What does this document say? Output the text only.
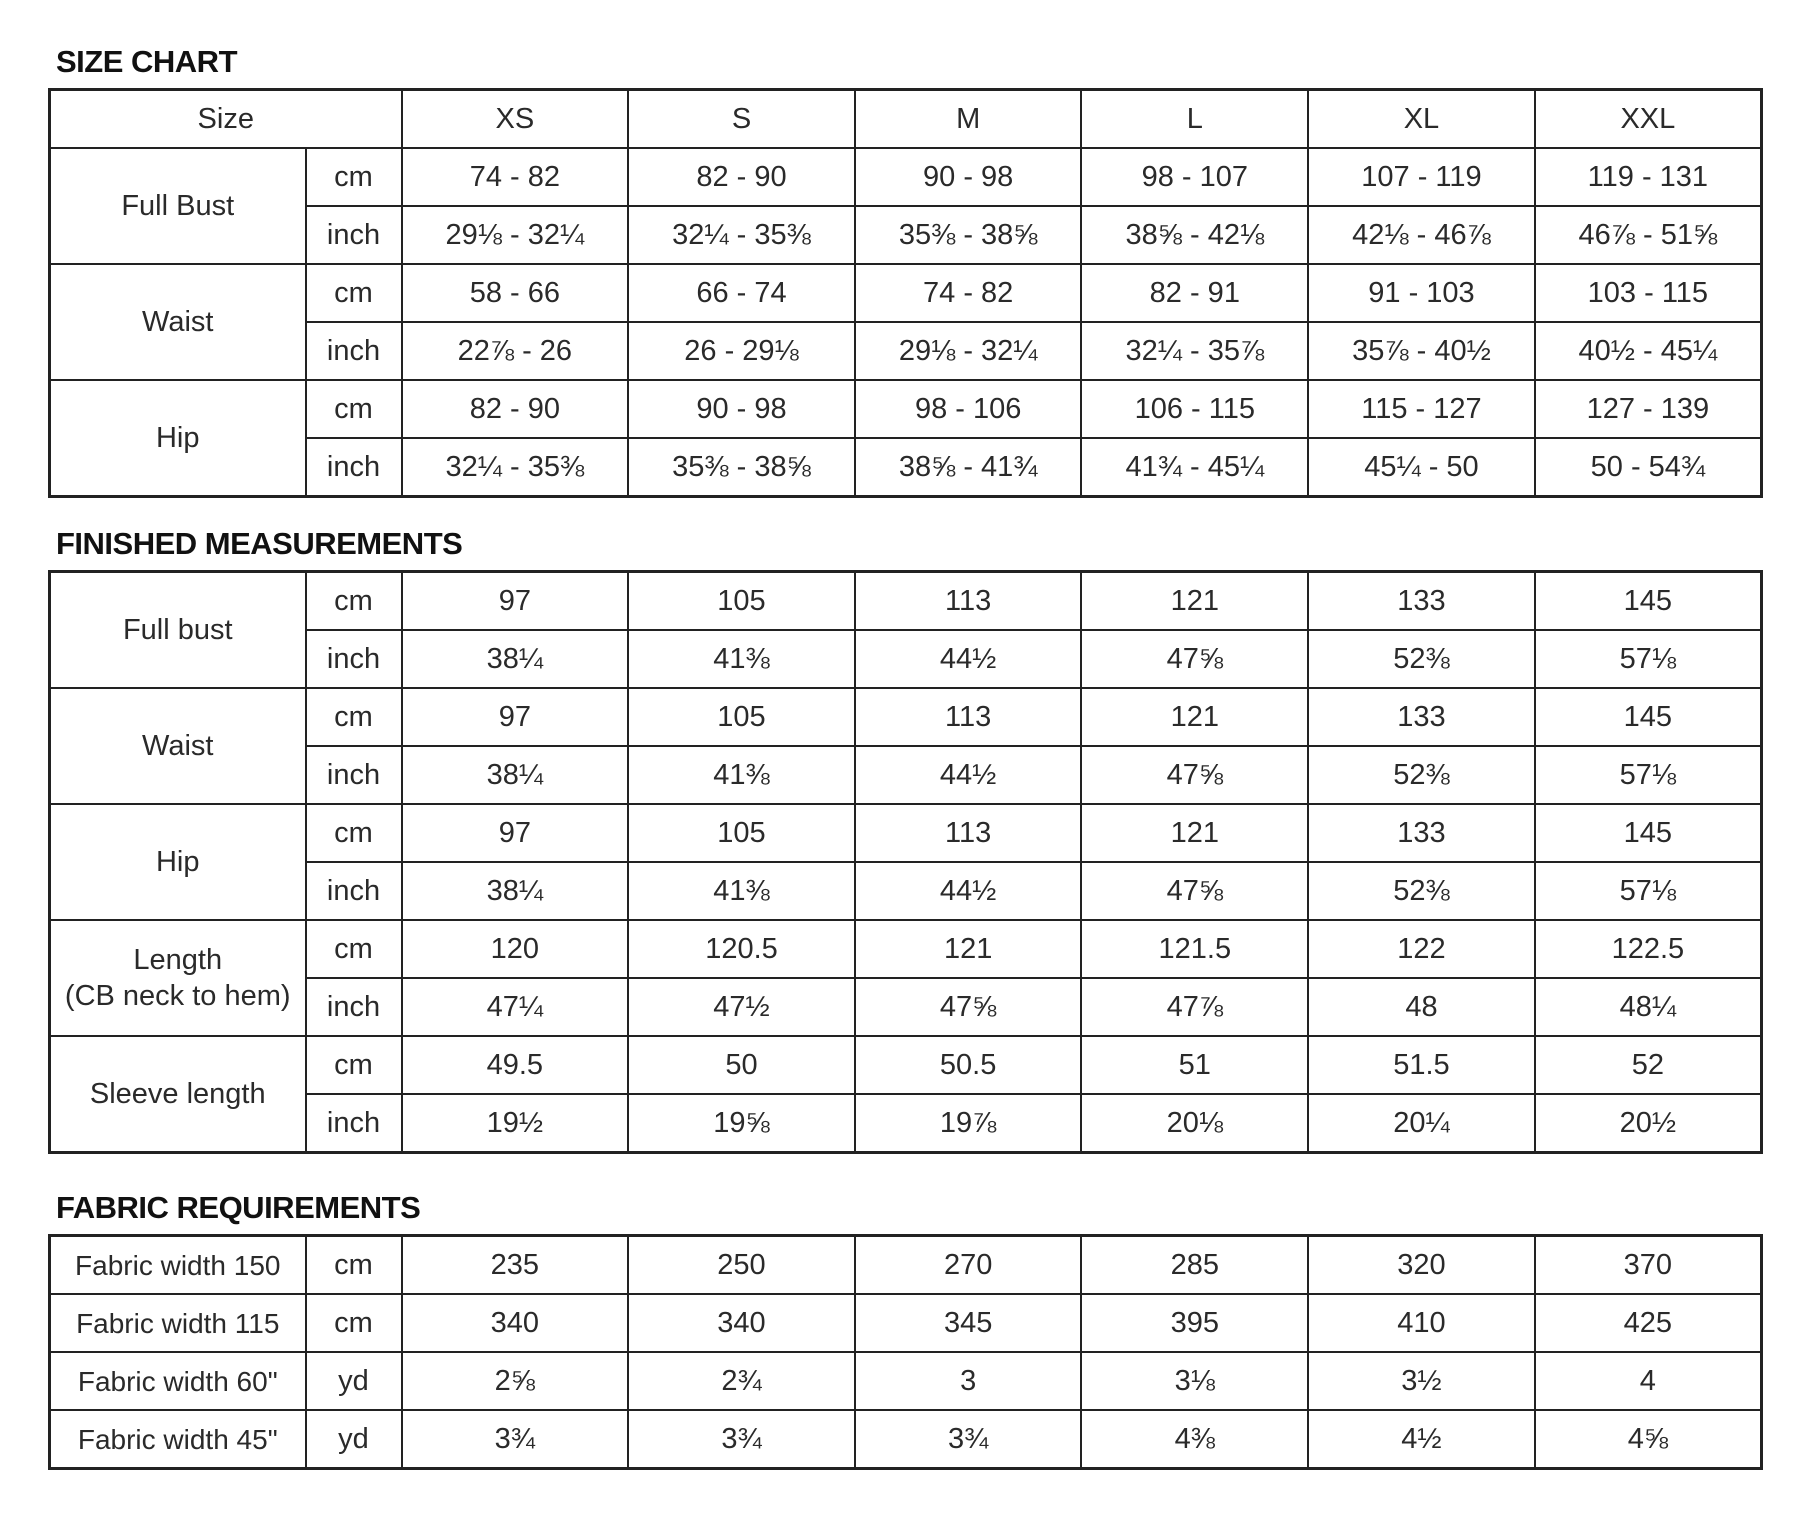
SIZE CHART
Size		XS	S	M	L	XL	XXL
Full Bust	cm	74 - 82	82 - 90	90 - 98	98 - 107	107 - 119	119 - 131
	inch	29⅛ - 32¼	32¼ - 35⅜	35⅜ - 38⅝	38⅝ - 42⅛	42⅛ - 46⅞	46⅞ - 51⅝
Waist	cm	58 - 66	66 - 74	74 - 82	82 - 91	91 - 103	103 - 115
	inch	22⅞ - 26	26 - 29⅛	29⅛ - 32¼	32¼ - 35⅞	35⅞ - 40½	40½ - 45¼
Hip	cm	82 - 90	90 - 98	98 - 106	106 - 115	115 - 127	127 - 139
	inch	32¼ - 35⅜	35⅜ - 38⅝	38⅝ - 41¾	41¾ - 45¼	45¼ - 50	50 - 54¾
FINISHED MEASUREMENTS
Full bust	cm	97	105	113	121	133	145
	inch	38¼	41⅜	44½	47⅝	52⅜	57⅛
Waist	cm	97	105	113	121	133	145
	inch	38¼	41⅜	44½	47⅝	52⅜	57⅛
Hip	cm	97	105	113	121	133	145
	inch	38¼	41⅜	44½	47⅝	52⅜	57⅛
Length
(CB neck to hem)	cm	120	120.5	121	121.5	122	122.5
	inch	47¼	47½	47⅝	47⅞	48	48¼
Sleeve length	cm	49.5	50	50.5	51	51.5	52
	inch	19½	19⅝	19⅞	20⅛	20¼	20½
FABRIC REQUIREMENTS
Fabric width 150	cm	235	250	270	285	320	370
Fabric width 115	cm	340	340	345	395	410	425
Fabric width 60"	yd	2⅝	2¾	3	3⅛	3½	4
Fabric width 45"	yd	3¾	3¾	3¾	4⅜	4½	4⅝
